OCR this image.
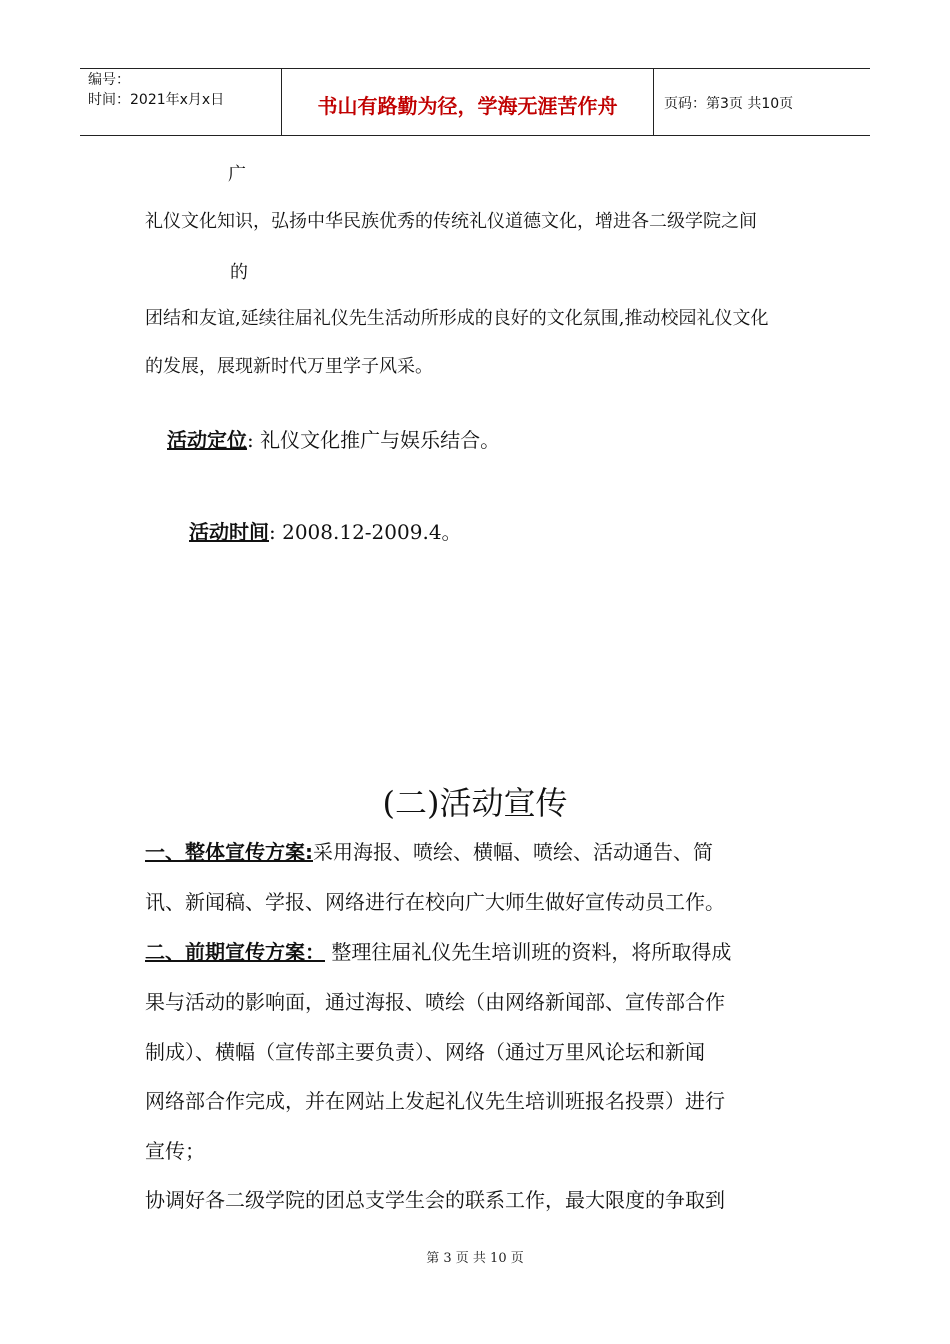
编号：
时间：2021年x月x日	书山有路勤为径，学海无涯苦作舟	页码：第3页 共10页
广
礼仪文化知识，弘扬中华民族优秀的传统礼仪道德文化，增进各二级学院之间
的
团结和友谊,延续往届礼仪先生活动所形成的良好的文化氛围,推动校园礼仪文化
的发展，展现新时代万里学子风采。
活动定位: 礼仪文化推广与娱乐结合。
活动时间: 2008.12-2009.4。
(二)活动宣传
一、整体宣传方案:采用海报、喷绘、横幅、喷绘、活动通告、简
讯、新闻稿、学报、网络进行在校向广大师生做好宣传动员工作。
二、前期宣传方案： 整理往届礼仪先生培训班的资料，将所取得成
果与活动的影响面，通过海报、喷绘（由网络新闻部、宣传部合作
制成）、横幅（宣传部主要负责）、网络（通过万里风论坛和新闻
网络部合作完成，并在网站上发起礼仪先生培训班报名投票）进行
宣传；
协调好各二级学院的团总支学生会的联系工作，最大限度的争取到
第 3 页 共 10 页
